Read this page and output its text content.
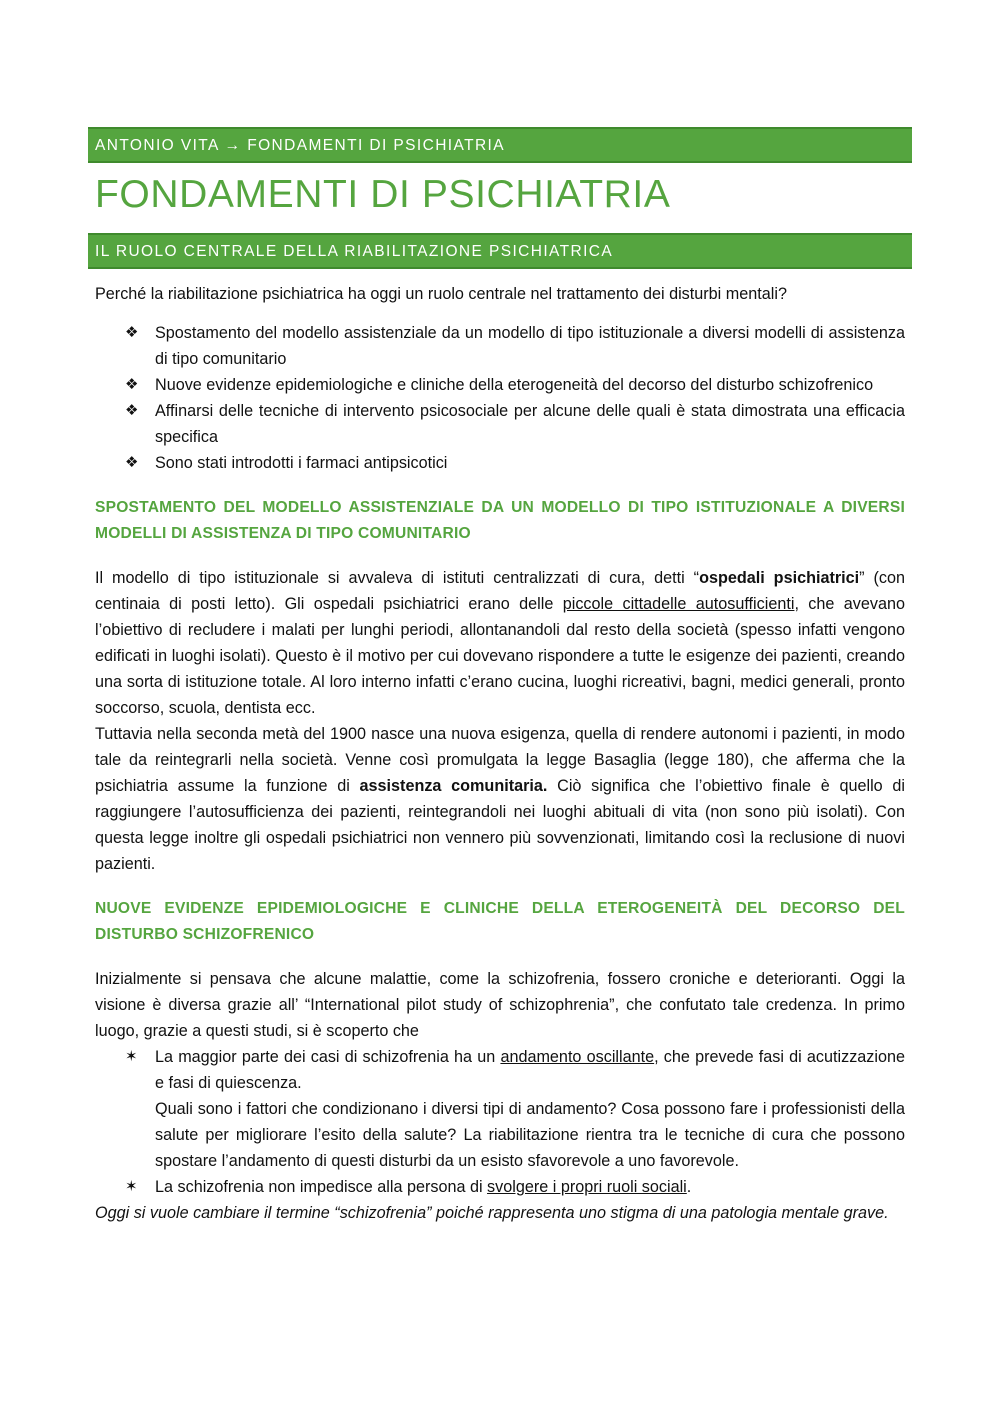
ANTONIO VITA → FONDAMENTI DI PSICHIATRIA
FONDAMENTI DI PSICHIATRIA
IL RUOLO CENTRALE DELLA RIABILITAZIONE PSICHIATRICA

Perché la riabilitazione psichiatrica ha oggi un ruolo centrale nel trattamento dei disturbi mentali?

❖	Spostamento del modello assistenziale da un modello di tipo istituzionale a diversi modelli di assistenza di tipo comunitario
❖	Nuove evidenze epidemiologiche e cliniche della eterogeneità del decorso del disturbo schizofrenico
❖	Affinarsi delle tecniche di intervento psicosociale per alcune delle quali è stata dimostrata una efficacia specifica
❖	Sono stati introdotti i farmaci antipsicotici
SPOSTAMENTO DEL MODELLO ASSISTENZIALE DA UN MODELLO DI TIPO ISTITUZIONALE A DIVERSI MODELLI DI ASSISTENZA DI TIPO COMUNITARIO

Il modello di tipo istituzionale si avvaleva di istituti centralizzati di cura, detti “ospedali psichiatrici” (con centinaia di posti letto). Gli ospedali psichiatrici erano delle piccole cittadelle autosufficienti, che avevano l’obiettivo di recludere i malati per lunghi periodi, allontanandoli dal resto della società (spesso infatti vengono edificati in luoghi isolati). Questo è il motivo per cui dovevano rispondere a tutte le esigenze dei pazienti, creando una sorta di istituzione totale. Al loro interno infatti c’erano cucina, luoghi ricreativi, bagni, medici generali, pronto soccorso, scuola, dentista ecc.

Tuttavia nella seconda metà del 1900 nasce una nuova esigenza, quella di rendere autonomi i pazienti, in modo tale da reintegrarli nella società. Venne così promulgata la legge Basaglia (legge 180), che afferma che la psichiatria assume la funzione di assistenza comunitaria. Ciò significa che l’obiettivo finale è quello di raggiungere l’autosufficienza dei pazienti, reintegrandoli nei luoghi abituali di vita (non sono più isolati). Con questa legge inoltre gli ospedali psichiatrici non vennero più sovvenzionati, limitando così la reclusione di nuovi pazienti.

NUOVE EVIDENZE EPIDEMIOLOGICHE E CLINICHE DELLA ETEROGENEITÀ DEL DECORSO DEL DISTURBO SCHIZOFRENICO

Inizialmente si pensava che alcune malattie, come la schizofrenia, fossero croniche e deterioranti. Oggi la visione è diversa grazie all’ “International pilot study of schizophrenia”, che confutato tale credenza. In primo luogo, grazie a questi studi, si è scoperto che

✶	La maggior parte dei casi di schizofrenia ha un andamento oscillante, che prevede fasi di acutizzazione e fasi di quiescenza.
Quali sono i fattori che condizionano i diversi tipi di andamento? Cosa possono fare i professionisti della salute per migliorare l’esito della salute? La riabilitazione rientra tra le tecniche di cura che possono spostare l’andamento di questi disturbi da un esisto sfavorevole a uno favorevole.
✶	La schizofrenia non impedisce alla persona di svolgere i propri ruoli sociali.

Oggi si vuole cambiare il termine “schizofrenia” poiché rappresenta uno stigma di una patologia mentale grave.
